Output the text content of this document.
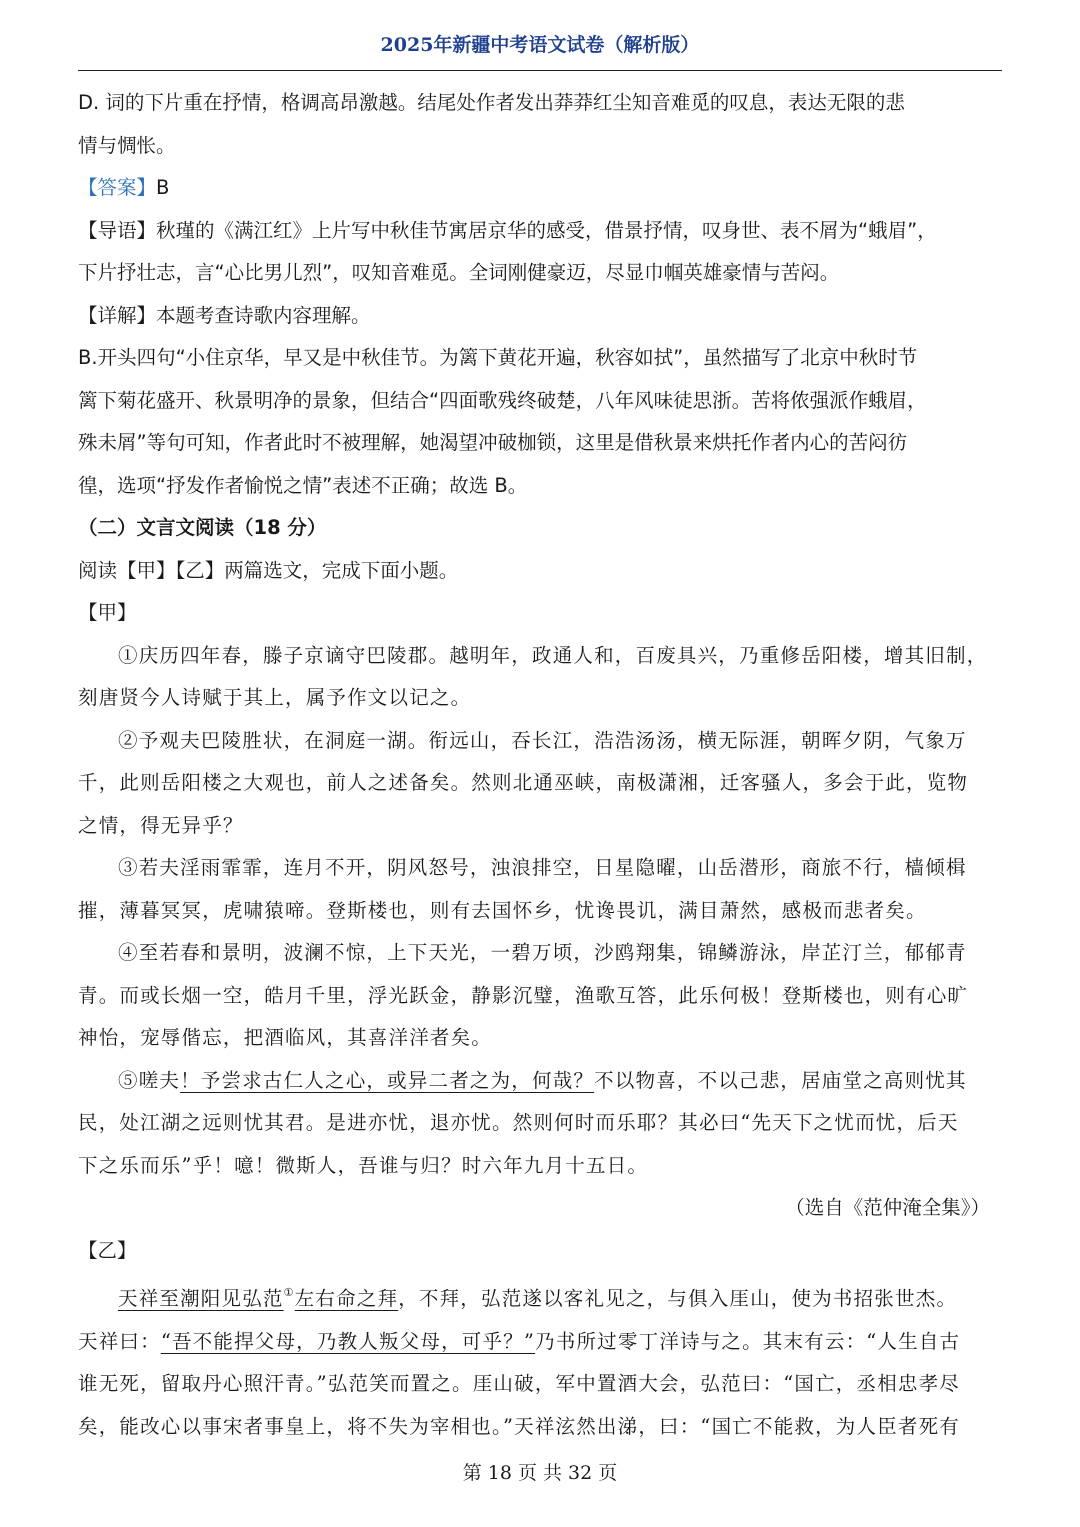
2025年新疆中考语文试卷（解析版）
D. 词的下片重在抒情，格调高昂激越。结尾处作者发出莽莽红尘知音难觅的叹息，表达无限的悲
情与惆怅。
【答案】B
【导语】秋瑾的《满江红》上片写中秋佳节寓居京华的感受，借景抒情，叹身世、表不屑为“蛾眉”，
下片抒壮志，言“心比男儿烈”，叹知音难觅。全词刚健豪迈，尽显巾帼英雄豪情与苦闷。
【详解】本题考查诗歌内容理解。
B.开头四句“小住京华，早又是中秋佳节。为篱下黄花开遍，秋容如拭”，虽然描写了北京中秋时节
篱下菊花盛开、秋景明净的景象，但结合“四面歌残终破楚，八年风味徒思浙。苦将侬强派作蛾眉，
殊未屑”等句可知，作者此时不被理解，她渴望冲破枷锁，这里是借秋景来烘托作者内心的苦闷彷
徨，选项“抒发作者愉悦之情”表述不正确；故选 B。
（二）文言文阅读（18 分）
阅读【甲】【乙】两篇选文，完成下面小题。
【甲】
①庆历四年春，滕子京谪守巴陵郡。越明年，政通人和，百废具兴，乃重修岳阳楼，增其旧制，
刻唐贤今人诗赋于其上，属予作文以记之。
②予观夫巴陵胜状，在洞庭一湖。衔远山，吞长江，浩浩汤汤，横无际涯，朝晖夕阴，气象万
千，此则岳阳楼之大观也，前人之述备矣。然则北通巫峡，南极潇湘，迁客骚人，多会于此，览物
之情，得无异乎？
③若夫淫雨霏霏，连月不开，阴风怒号，浊浪排空，日星隐曜，山岳潜形，商旅不行，樯倾楫
摧，薄暮冥冥，虎啸猿啼。登斯楼也，则有去国怀乡，忧谗畏讥，满目萧然，感极而悲者矣。
④至若春和景明，波澜不惊，上下天光，一碧万顷，沙鸥翔集，锦鳞游泳，岸芷汀兰，郁郁青
青。而或长烟一空，皓月千里，浮光跃金，静影沉璧，渔歌互答，此乐何极！登斯楼也，则有心旷
神怡，宠辱偕忘，把酒临风，其喜洋洋者矣。
⑤嗟夫！予尝求古仁人之心，或异二者之为，何哉？不以物喜，不以己悲，居庙堂之高则忧其
民，处江湖之远则忧其君。是进亦忧，退亦忧。然则何时而乐耶？其必曰“先天下之忧而忧，后天
下之乐而乐”乎！噫！微斯人，吾谁与归？时六年九月十五日。
（选自《范仲淹全集》）
【乙】
天祥至潮阳见弘范①左右命之拜，不拜，弘范遂以客礼见之，与俱入厓山，使为书招张世杰。
天祥曰：“吾不能捍父母，乃教人叛父母，可乎？”乃书所过零丁洋诗与之。其末有云：“人生自古
谁无死，留取丹心照汗青。”弘范笑而置之。厓山破，军中置酒大会，弘范曰：“国亡，丞相忠孝尽
矣，能改心以事宋者事皇上，将不失为宰相也。”天祥泫然出涕，曰：“国亡不能救，为人臣者死有
第 18 页 共 32 页
